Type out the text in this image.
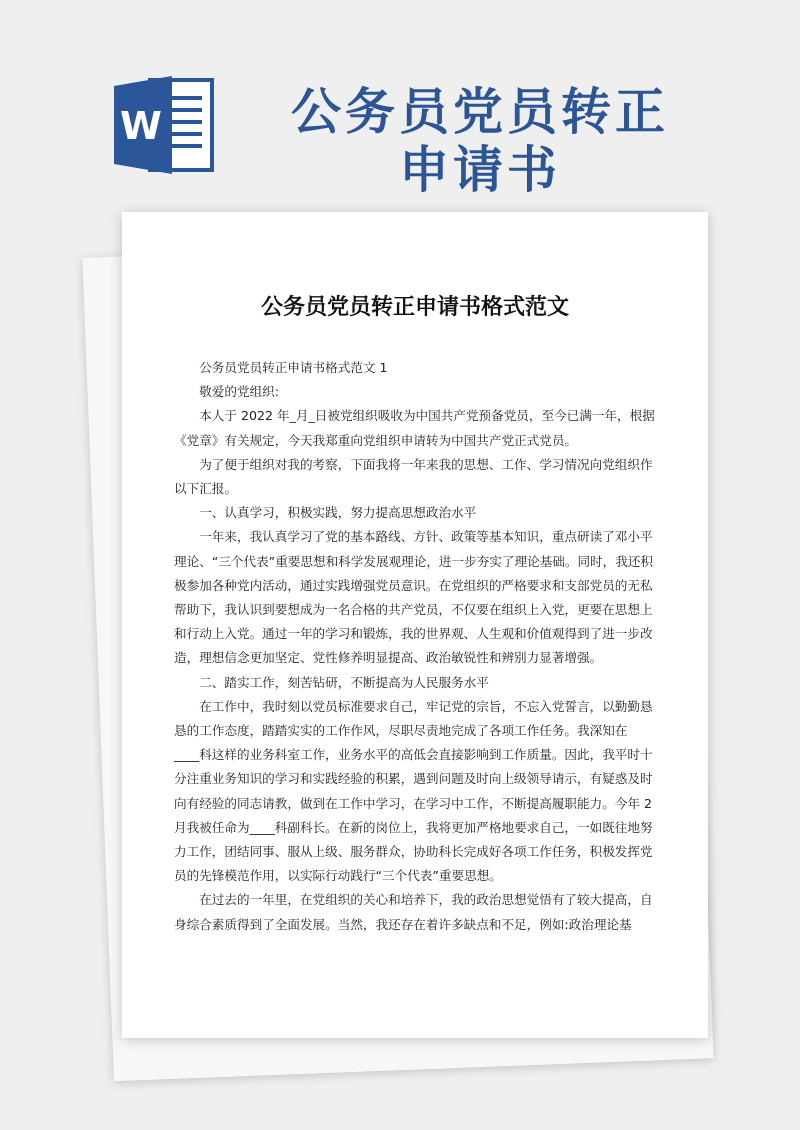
W	公务员党员转正
申请书
公务员党员转正申请书格式范文

公务员党员转正申请书格式范文 1

敬爱的党组织:

本人于 2022 年_月_日被党组织吸收为中国共产党预备党员，至今已满一年，根据《党章》有关规定，今天我郑重向党组织申请转为中国共产党正式党员。

为了便于组织对我的考察，下面我将一年来我的思想、工作、学习情况向党组织作以下汇报。

一、认真学习，积极实践，努力提高思想政治水平

一年来，我认真学习了党的基本路线、方针、政策等基本知识，重点研读了邓小平理论、“三个代表”重要思想和科学发展观理论，进一步夯实了理论基础。同时，我还积极参加各种党内活动，通过实践增强党员意识。在党组织的严格要求和支部党员的无私帮助下，我认识到要想成为一名合格的共产党员，不仅要在组织上入党，更要在思想上和行动上入党。通过一年的学习和锻炼，我的世界观、人生观和价值观得到了进一步改造，理想信念更加坚定、党性修养明显提高、政治敏锐性和辨别力显著增强。

二、踏实工作，刻苦钻研，不断提高为人民服务水平

在工作中，我时刻以党员标准要求自己，牢记党的宗旨，不忘入党誓言，以勤勤恳恳的工作态度，踏踏实实的工作作风，尽职尽责地完成了各项工作任务。我深知在

____科这样的业务科室工作，业务水平的高低会直接影响到工作质量。因此，我平时十分注重业务知识的学习和实践经验的积累，遇到问题及时向上级领导请示，有疑惑及时向有经验的同志请教，做到在工作中学习，在学习中工作，不断提高履职能力。今年 2 月我被任命为____科副科长。在新的岗位上，我将更加严格地要求自己，一如既往地努力工作，团结同事、服从上级、服务群众，协助科长完成好各项工作任务，积极发挥党员的先锋模范作用，以实际行动践行“三个代表”重要思想。

在过去的一年里，在党组织的关心和培养下，我的政治思想觉悟有了较大提高，自身综合素质得到了全面发展。当然，我还存在着许多缺点和不足，例如:政治理论基
